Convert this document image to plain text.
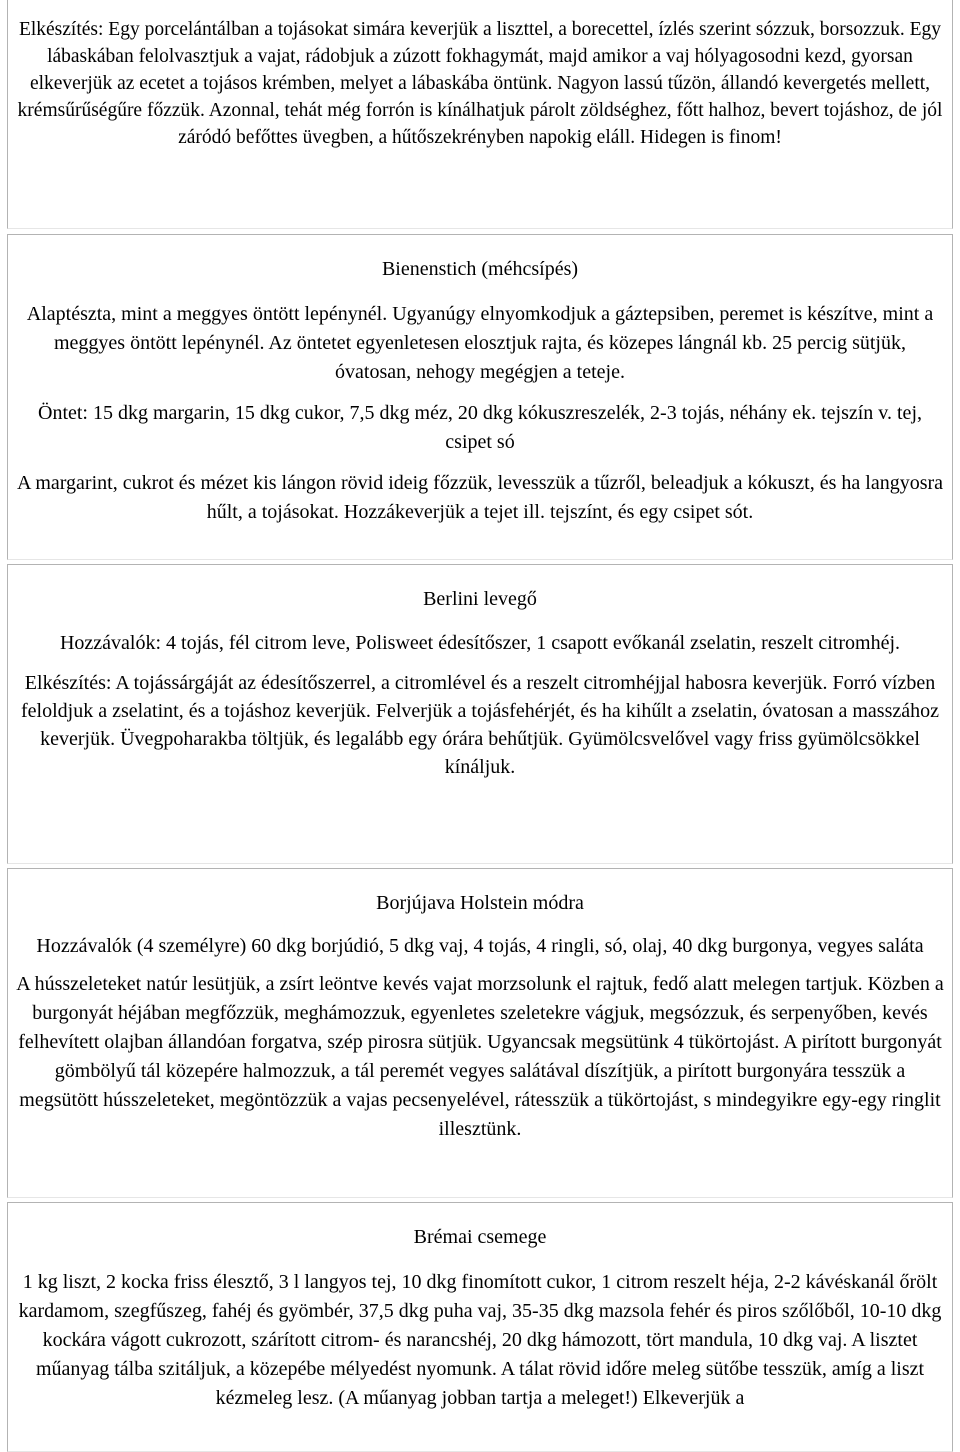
Elkészítés: Egy porcelántálban a tojásokat simára keverjük a liszttel, a borecettel, ízlés szerint sózzuk, borsozzuk. Egy lábaskában felolvasztjuk a vajat, rádobjuk a zúzott fokhagymát, majd amikor a vaj hólyagosodni kezd, gyorsan elkeverjük az ecetet a tojásos krémben, melyet a lábaskába öntünk. Nagyon lassú tűzön, állandó kevergetés mellett, krémsűrűségűre főzzük. Azonnal, tehát még forrón is kínálhatjuk párolt zöldséghez, főtt halhoz, bevert tojáshoz, de jól záródó befőttes üvegben, a hűtőszekrényben napokig eláll. Hidegen is finom!

Bienenstich (méhcsípés)

Alaptészta, mint a meggyes öntött lepénynél. Ugyanúgy elnyomkodjuk a gáztepsiben, peremet is készítve, mint a meggyes öntött lepénynél. Az öntetet egyenletesen elosztjuk rajta, és közepes lángnál kb. 25 percig sütjük, óvatosan, nehogy megégjen a teteje.

Öntet: 15 dkg margarin, 15 dkg cukor, 7,5 dkg méz, 20 dkg kókuszreszelék, 2-3 tojás, néhány ek. tejszín v. tej, csipet só

A margarint, cukrot és mézet kis lángon rövid ideig főzzük, levesszük a tűzről, beleadjuk a kókuszt, és ha langyosra hűlt, a tojásokat. Hozzákeverjük a tejet ill. tejszínt, és egy csipet sót.

Berlini levegő

Hozzávalók: 4 tojás, fél citrom leve, Polisweet édesítőszer, 1 csapott evőkanál zselatin, reszelt citromhéj.

Elkészítés: A tojássárgáját az édesítőszerrel, a citromlével és a reszelt citromhéjjal habosra keverjük. Forró vízben feloldjuk a zselatint, és a tojáshoz keverjük. Felverjük a tojásfehérjét, és ha kihűlt a zselatin, óvatosan a masszához keverjük. Üvegpoharakba töltjük, és legalább egy órára behűtjük. Gyümölcsvelővel vagy friss gyümölcsökkel kínáljuk.

Borjújava Holstein módra

Hozzávalók (4 személyre) 60 dkg borjúdió, 5 dkg vaj, 4 tojás, 4 ringli, só, olaj, 40 dkg burgonya, vegyes saláta

A hússzeleteket natúr lesütjük, a zsírt leöntve kevés vajat morzsolunk el rajtuk, fedő alatt melegen tartjuk. Közben a burgonyát héjában megfőzzük, meghámozzuk, egyenletes szeletekre vágjuk, megsózzuk, és serpenyőben, kevés felhevített olajban állandóan forgatva, szép pirosra sütjük. Ugyancsak megsütünk 4 tükörtojást. A pirított burgonyát gömbölyű tál közepére halmozzuk, a tál peremét vegyes salátával díszítjük, a pirított burgonyára tesszük a megsütött hússzeleteket, megöntözzük a vajas pecsenyelével, rátesszük a tükörtojást, s mindegyikre egy-egy ringlit illesztünk.

Brémai csemege

1 kg liszt, 2 kocka friss élesztő, 3 l langyos tej, 10 dkg finomított cukor, 1 citrom reszelt héja, 2-2 kávéskanál őrölt kardamom, szegfűszeg, fahéj és gyömbér, 37,5 dkg puha vaj, 35-35 dkg mazsola fehér és piros szőlőből, 10-10 dkg kockára vágott cukrozott, szárított citrom- és narancshéj, 20 dkg hámozott, tört mandula, 10 dkg vaj. A lisztet műanyag tálba szitáljuk, a közepébe mélyedést nyomunk. A tálat rövid időre meleg sütőbe tesszük, amíg a liszt kézmeleg lesz. (A műanyag jobban tartja a meleget!) Elkeverjük a
